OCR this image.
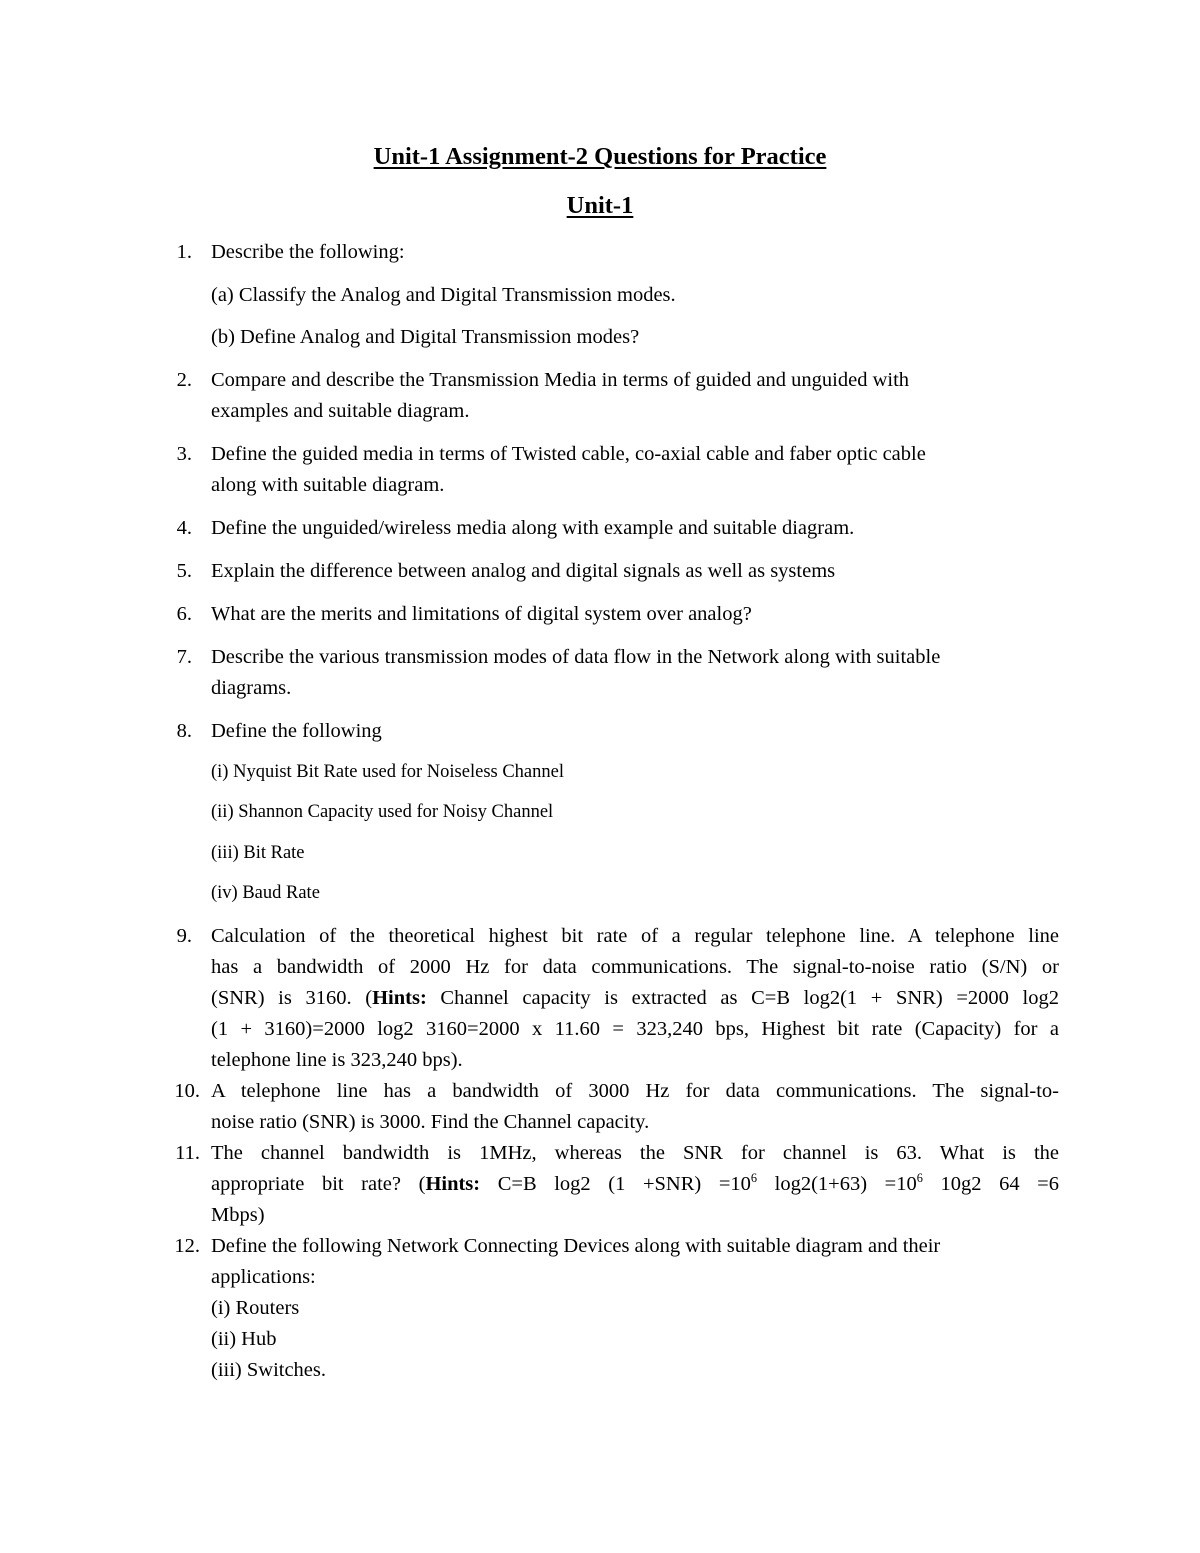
Unit-1 Assignment-2 Questions for Practice
Unit-1
1. Describe the following:
(a) Classify the Analog and Digital Transmission modes.
(b) Define Analog and Digital Transmission modes?
2. Compare and describe the Transmission Media in terms of guided and unguided with
examples and suitable diagram.
3. Define the guided media in terms of Twisted cable, co-axial cable and faber optic cable
along with suitable diagram.
4. Define the unguided/wireless media along with example and suitable diagram.
5. Explain the difference between analog and digital signals as well as systems
6. What are the merits and limitations of digital system over analog?
7. Describe the various transmission modes of data flow in the Network along with suitable
diagrams.
8. Define the following
(i) Nyquist Bit Rate used for Noiseless Channel
(ii) Shannon Capacity used for Noisy Channel
(iii) Bit Rate
(iv) Baud Rate
9. Calculation of the theoretical highest bit rate of a regular telephone line. A telephone line
has a bandwidth of 2000 Hz for data communications. The signal-to-noise ratio (S/N) or
(SNR) is 3160. (Hints: Channel capacity is extracted as C=B log2(1 + SNR) =2000 log2
(1 + 3160)=2000 log2 3160=2000 x 11.60 = 323,240 bps, Highest bit rate (Capacity) for a
telephone line is 323,240 bps).
10. A telephone line has a bandwidth of 3000 Hz for data communications. The signal-to-
noise ratio (SNR) is 3000. Find the Channel capacity.
11. The channel bandwidth is 1MHz, whereas the SNR for channel is 63. What is the
appropriate bit rate? (Hints: C=B log2 $(1 +SNR) =10^6$ $\log 2(1+63) =10^6$ 10g2 64 =6
Mbps)
12. Define the following Network Connecting Devices along with suitable diagram and their
applications:
(i) Routers
(ii) Hub
(iii) Switches.
